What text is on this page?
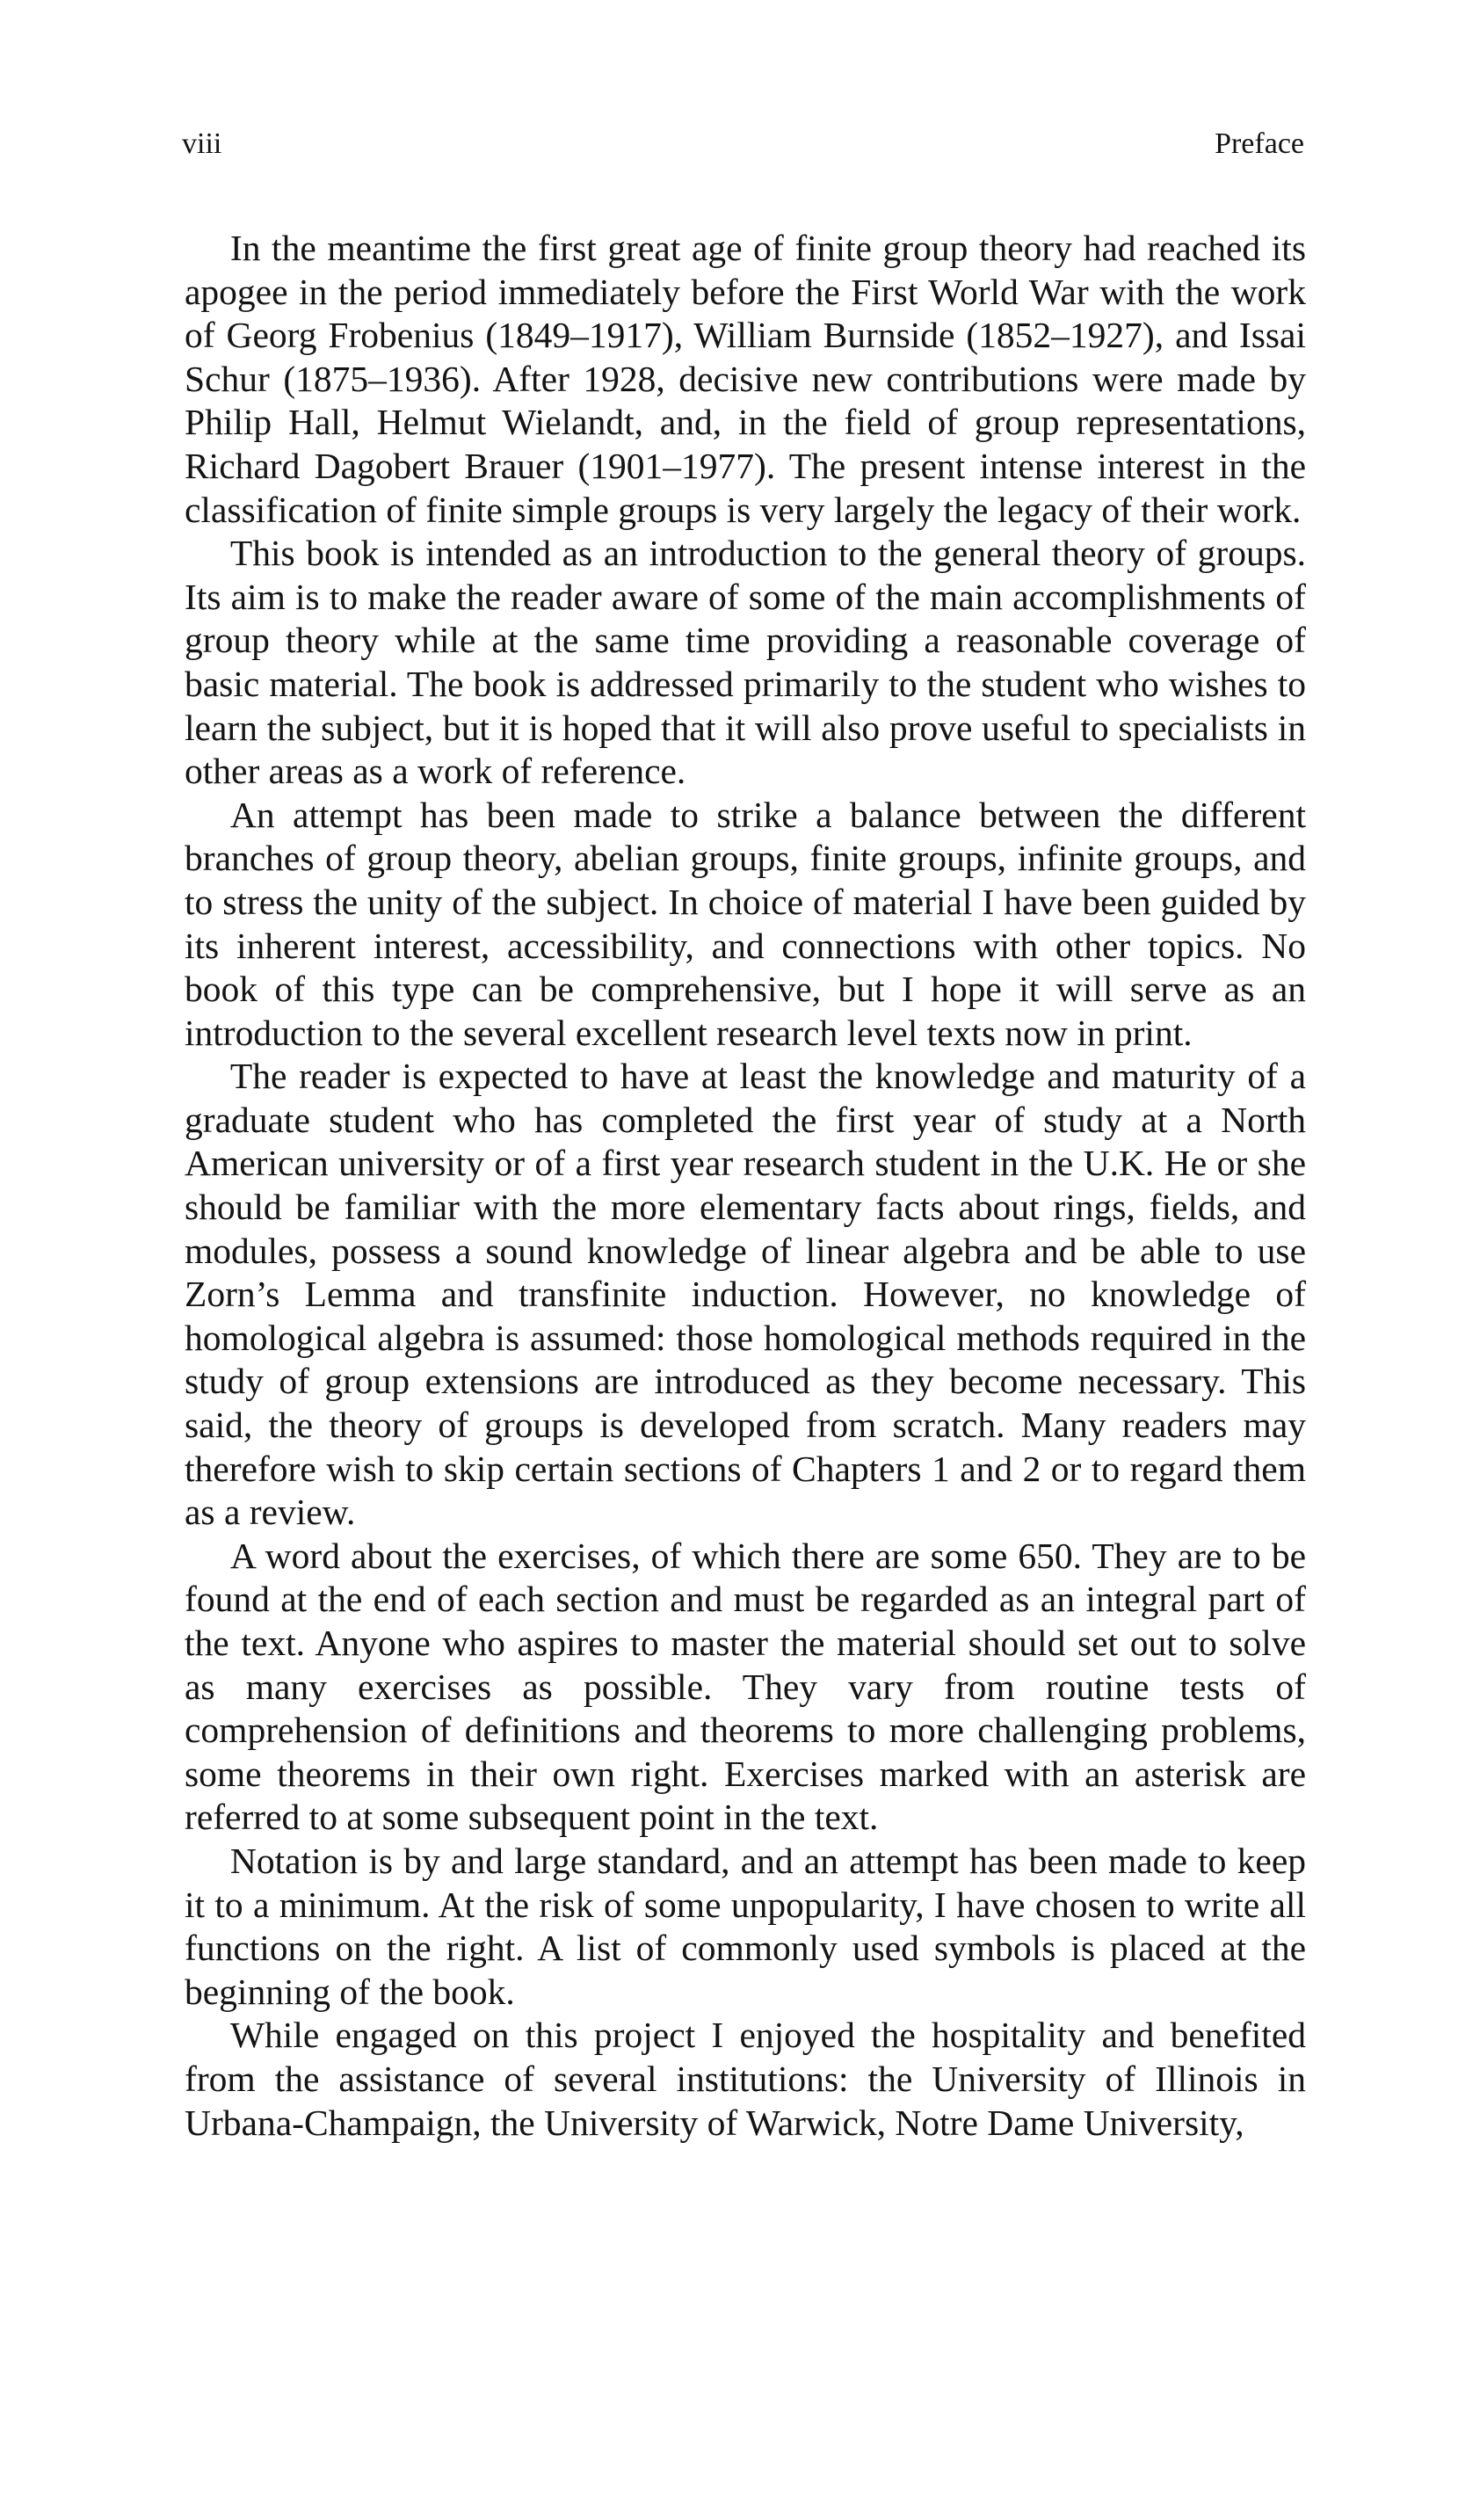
viii	Preface

In the meantime the first great age of finite group theory had reached its apogee in the period immediately before the First World War with the work of Georg Frobenius (1849–1917), William Burnside (1852–1927), and Issai Schur (1875–1936). After 1928, decisive new contributions were made by Philip Hall, Helmut Wielandt, and, in the field of group representations, Richard Dagobert Brauer (1901–1977). The present intense interest in the classification of finite simple groups is very largely the legacy of their work.

This book is intended as an introduction to the general theory of groups. Its aim is to make the reader aware of some of the main accomplishments of group theory while at the same time providing a reasonable coverage of basic material. The book is addressed primarily to the student who wishes to learn the subject, but it is hoped that it will also prove useful to specialists in other areas as a work of reference.

An attempt has been made to strike a balance between the different branches of group theory, abelian groups, finite groups, infinite groups, and to stress the unity of the subject. In choice of material I have been guided by its inherent interest, accessibility, and connections with other topics. No book of this type can be comprehensive, but I hope it will serve as an introduction to the several excellent research level texts now in print.

The reader is expected to have at least the knowledge and maturity of a graduate student who has completed the first year of study at a North American university or of a first year research student in the U.K. He or she should be familiar with the more elementary facts about rings, fields, and modules, possess a sound knowledge of linear algebra and be able to use Zorn’s Lemma and transfinite induction. However, no knowledge of homological algebra is assumed: those homological methods required in the study of group extensions are introduced as they become necessary. This said, the theory of groups is developed from scratch. Many readers may therefore wish to skip certain sections of Chapters 1 and 2 or to regard them as a review.

A word about the exercises, of which there are some 650. They are to be found at the end of each section and must be regarded as an integral part of the text. Anyone who aspires to master the material should set out to solve as many exercises as possible. They vary from routine tests of comprehension of definitions and theorems to more challenging problems, some theorems in their own right. Exercises marked with an asterisk are referred to at some subsequent point in the text.

Notation is by and large standard, and an attempt has been made to keep it to a minimum. At the risk of some unpopularity, I have chosen to write all functions on the right. A list of commonly used symbols is placed at the beginning of the book.

While engaged on this project I enjoyed the hospitality and benefited from the assistance of several institutions: the University of Illinois in Urbana-Champaign, the University of Warwick, Notre Dame University,
